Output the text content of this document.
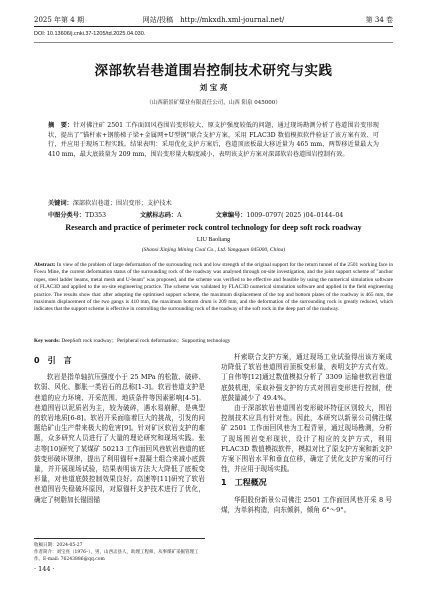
2025 年第 4 期	网站/投稿　http://mkxdh.xml-journal.net/	第 34 卷
DOI: 10.13606/j.cnki.37-1205/td.2025.04.030.
深部软岩巷道围岩控制技术研究与实践
刘 宝 亮
（山西新景矿煤业有限责任公司，山西 阳泉 045000）
摘　要：针对佛注矿 2501 工作面回风巷围岩变形较大、原支护强度较低的问题，通过现场勘测分析了巷道围岩变形现状，提出了“锚杆索+钢筋梯子梁+金属网+U型钢”联合支护方案，采用 FLAC3D 数值模拟软件验证了该方案有效、可行，并应用于现场工程实践。结果表明：采用优化支护方案后，巷道顶底板最大移近量为 465 mm，两帮移近量最大为 410 mm，最大底鼓量为 209 mm，围岩变形量大幅度减小，表明该支护方案对深部软岩巷道围岩控制有效。
关键词：深部软岩巷道；围岩变形；支护技术
中图分类号：TD353	文献标志码：A	文章编号：1009–0797( 2025 )04–0144–04
Research and practice of perimeter rock control technology for deep soft rock roadway
LIU Baoliang
(Shanxi Xinjing Mining Coal Co., Ltd. Yangquan 045000, China)
Abstract: In view of the problem of large deformation of the surrounding rock and low strength of the original support for the return tunnel of the 2501 working face in Fowu Mine, the current deformation status of the surrounding rock of the roadway was analysed through on-site investigation, and the joint support scheme of "anchor ropes, steel ladder beams, metal mesh and U-beam" was proposed, and the scheme was verified to be effective and feasible by using the numerical simulation software of FLAC3D and applied to the on-site engineering practice. The scheme was validated by FLAC3D numerical simulation software and applied in the field engineering practice. The results show that: after adopting the optimised support scheme, the maximum displacement of the top and bottom plates of the roadway is 465 mm, the maximum displacement of the two gangs is 410 mm, the maximum bottom drum is 209 mm, and the deformation of the surrounding rock is greatly reduced, which indicates that the support scheme is effective in controlling the surrounding rock of the roadway of the soft rock in the deep part of the roadway.
Key words: DeepSoft rock roadway；Peripheral rock deformation；Supporting technology
0　引　言

软岩是指单轴抗压强度小于 25 MPa 的松散、破碎、软弱、风化、膨胀一类岩石的总称[1-3]。软岩巷道支护是巷道的应力环境、开采范围、地质条件等因素影响[4-5]。巷道围岩以泥质岩为主，较为破碎，遇水易崩解，是典型的软岩地质[6-8]。软岩开采面临着巨大的挑战，引发的问题给矿山生产带来极大的危害[9]。针对矿区软岩支护的难题，众多研究人员进行了大量的理论研究和现场实践。张志等[10]研究了某煤矿 50213 工作面回风巷软岩巷道的底鼓变形破坏规律，提出了利用锚杆+混凝土组合来减小底鼓量，并开展现场试验，结果表明该方法大大降低了底板变形量，对巷道底鼓控制效果良好。高速等[11]研究了软岩巷道围岩失稳破坏原因，对原锚杆支护技术进行了优化，确定了树脂加长锚固锚

杆索联合支护方案，通过现场工业试验得出该方案成功降低了软岩巷道围岩顶板变形量，表明支护方式有效。丁自伟等[12]通过数值模拟分析了 3309 运输巷软岩巷道底鼓机理，采取补强支护的方式对围岩变形进行控制，使底鼓量减少了 49.4%。

由于深部软岩巷道围岩变形破坏特征区别较大，围岩控制技术应具有针对性。因此，本研究以新景公司佛注煤矿 2501 工作面回风巷为工程背景，通过现场勘测，分析了现场围岩变形现状，设计了相应的支护方式，利用 FLAC3D 数值模拟软件，模拟对比了原支护方案和新支护方案下围岩水平和垂直位移，确定了优化支护方案的可行性，并应用于现场实践。

1　工程概况

华阳股份新景公司佛注 2501 工作面回风巷开采 8 号煤，为单斜构造，向东倾斜，倾角 6°～9°。

收稿日期：2024-05-27
作者简介：刘宝亮（1976–），男，山西盂县人，助理工程师，从事煤矿采掘管理工作。E-mail: 76243886@qq.com
· 144 ·
